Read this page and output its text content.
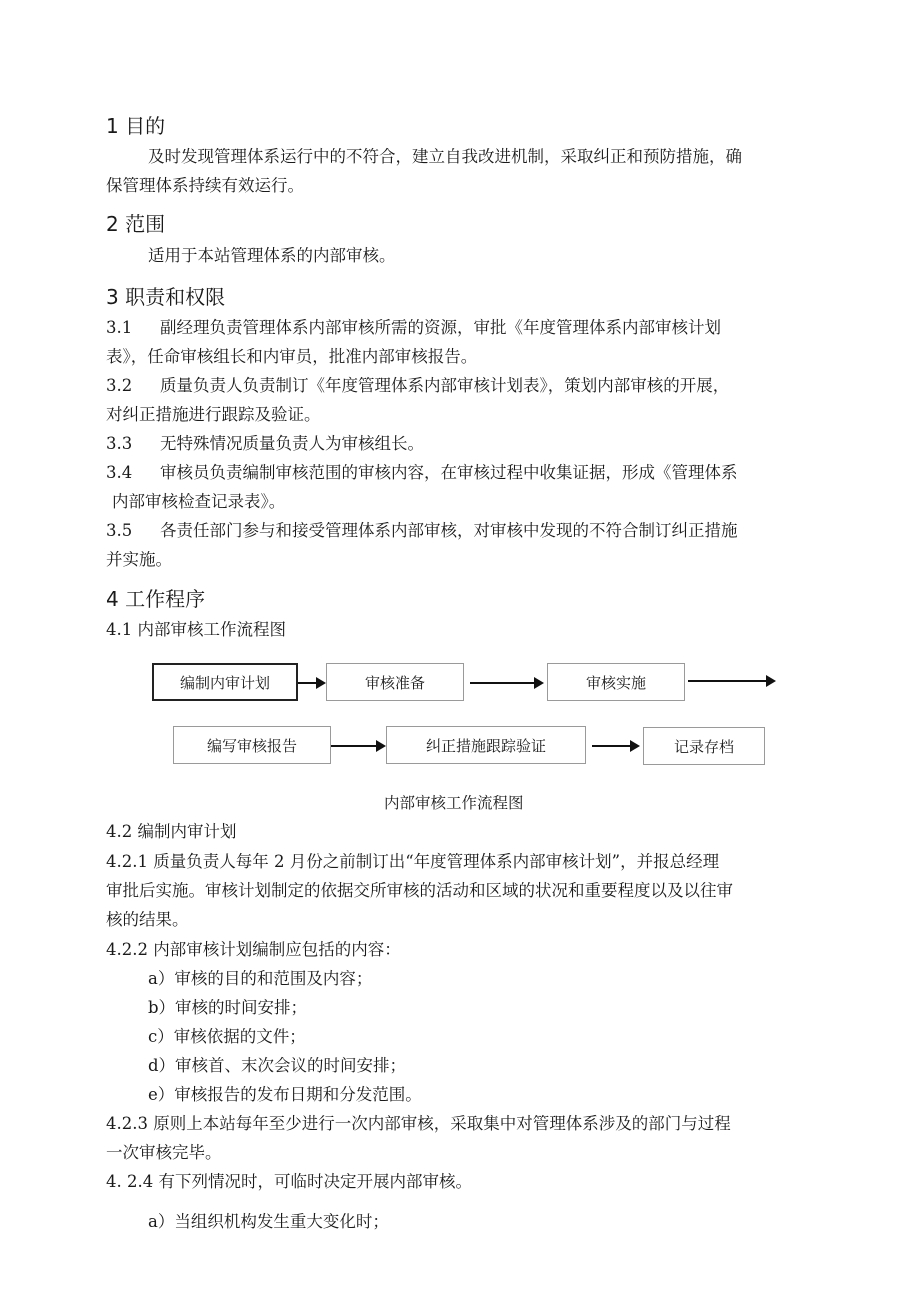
1 目的
及时发现管理体系运行中的不符合，建立自我改进机制，采取纠正和预防措施，确
保管理体系持续有效运行。
2 范围
适用于本站管理体系的内部审核。
3 职责和权限
3.1 副经理负责管理体系内部审核所需的资源，审批《年度管理体系内部审核计划
表》，任命审核组长和内审员，批准内部审核报告。
3.2 质量负责人负责制订《年度管理体系内部审核计划表》，策划内部审核的开展，
对纠正措施进行跟踪及验证。
3.3 无特殊情况质量负责人为审核组长。
3.4 审核员负责编制审核范围的审核内容，在审核过程中收集证据，形成《管理体系
内部审核检查记录表》。
3.5 各责任部门参与和接受管理体系内部审核，对审核中发现的不符合制订纠正措施
并实施。
4 工作程序
4.1 内部审核工作流程图
编制内审计划	审核准备	审核实施
编写审核报告	纠正措施跟踪验证	记录存档
内部审核工作流程图
4.2 编制内审计划
4.2.1 质量负责人每年 2 月份之前制订出“年度管理体系内部审核计划”，并报总经理
审批后实施。审核计划制定的依据交所审核的活动和区域的状况和重要程度以及以往审
核的结果。
4.2.2 内部审核计划编制应包括的内容：
a）审核的目的和范围及内容；
b）审核的时间安排；
c）审核依据的文件；
d）审核首、末次会议的时间安排；
e）审核报告的发布日期和分发范围。
4.2.3 原则上本站每年至少进行一次内部审核，采取集中对管理体系涉及的部门与过程
一次审核完毕。
4. 2.4 有下列情况时，可临时决定开展内部审核。
a）当组织机构发生重大变化时；
